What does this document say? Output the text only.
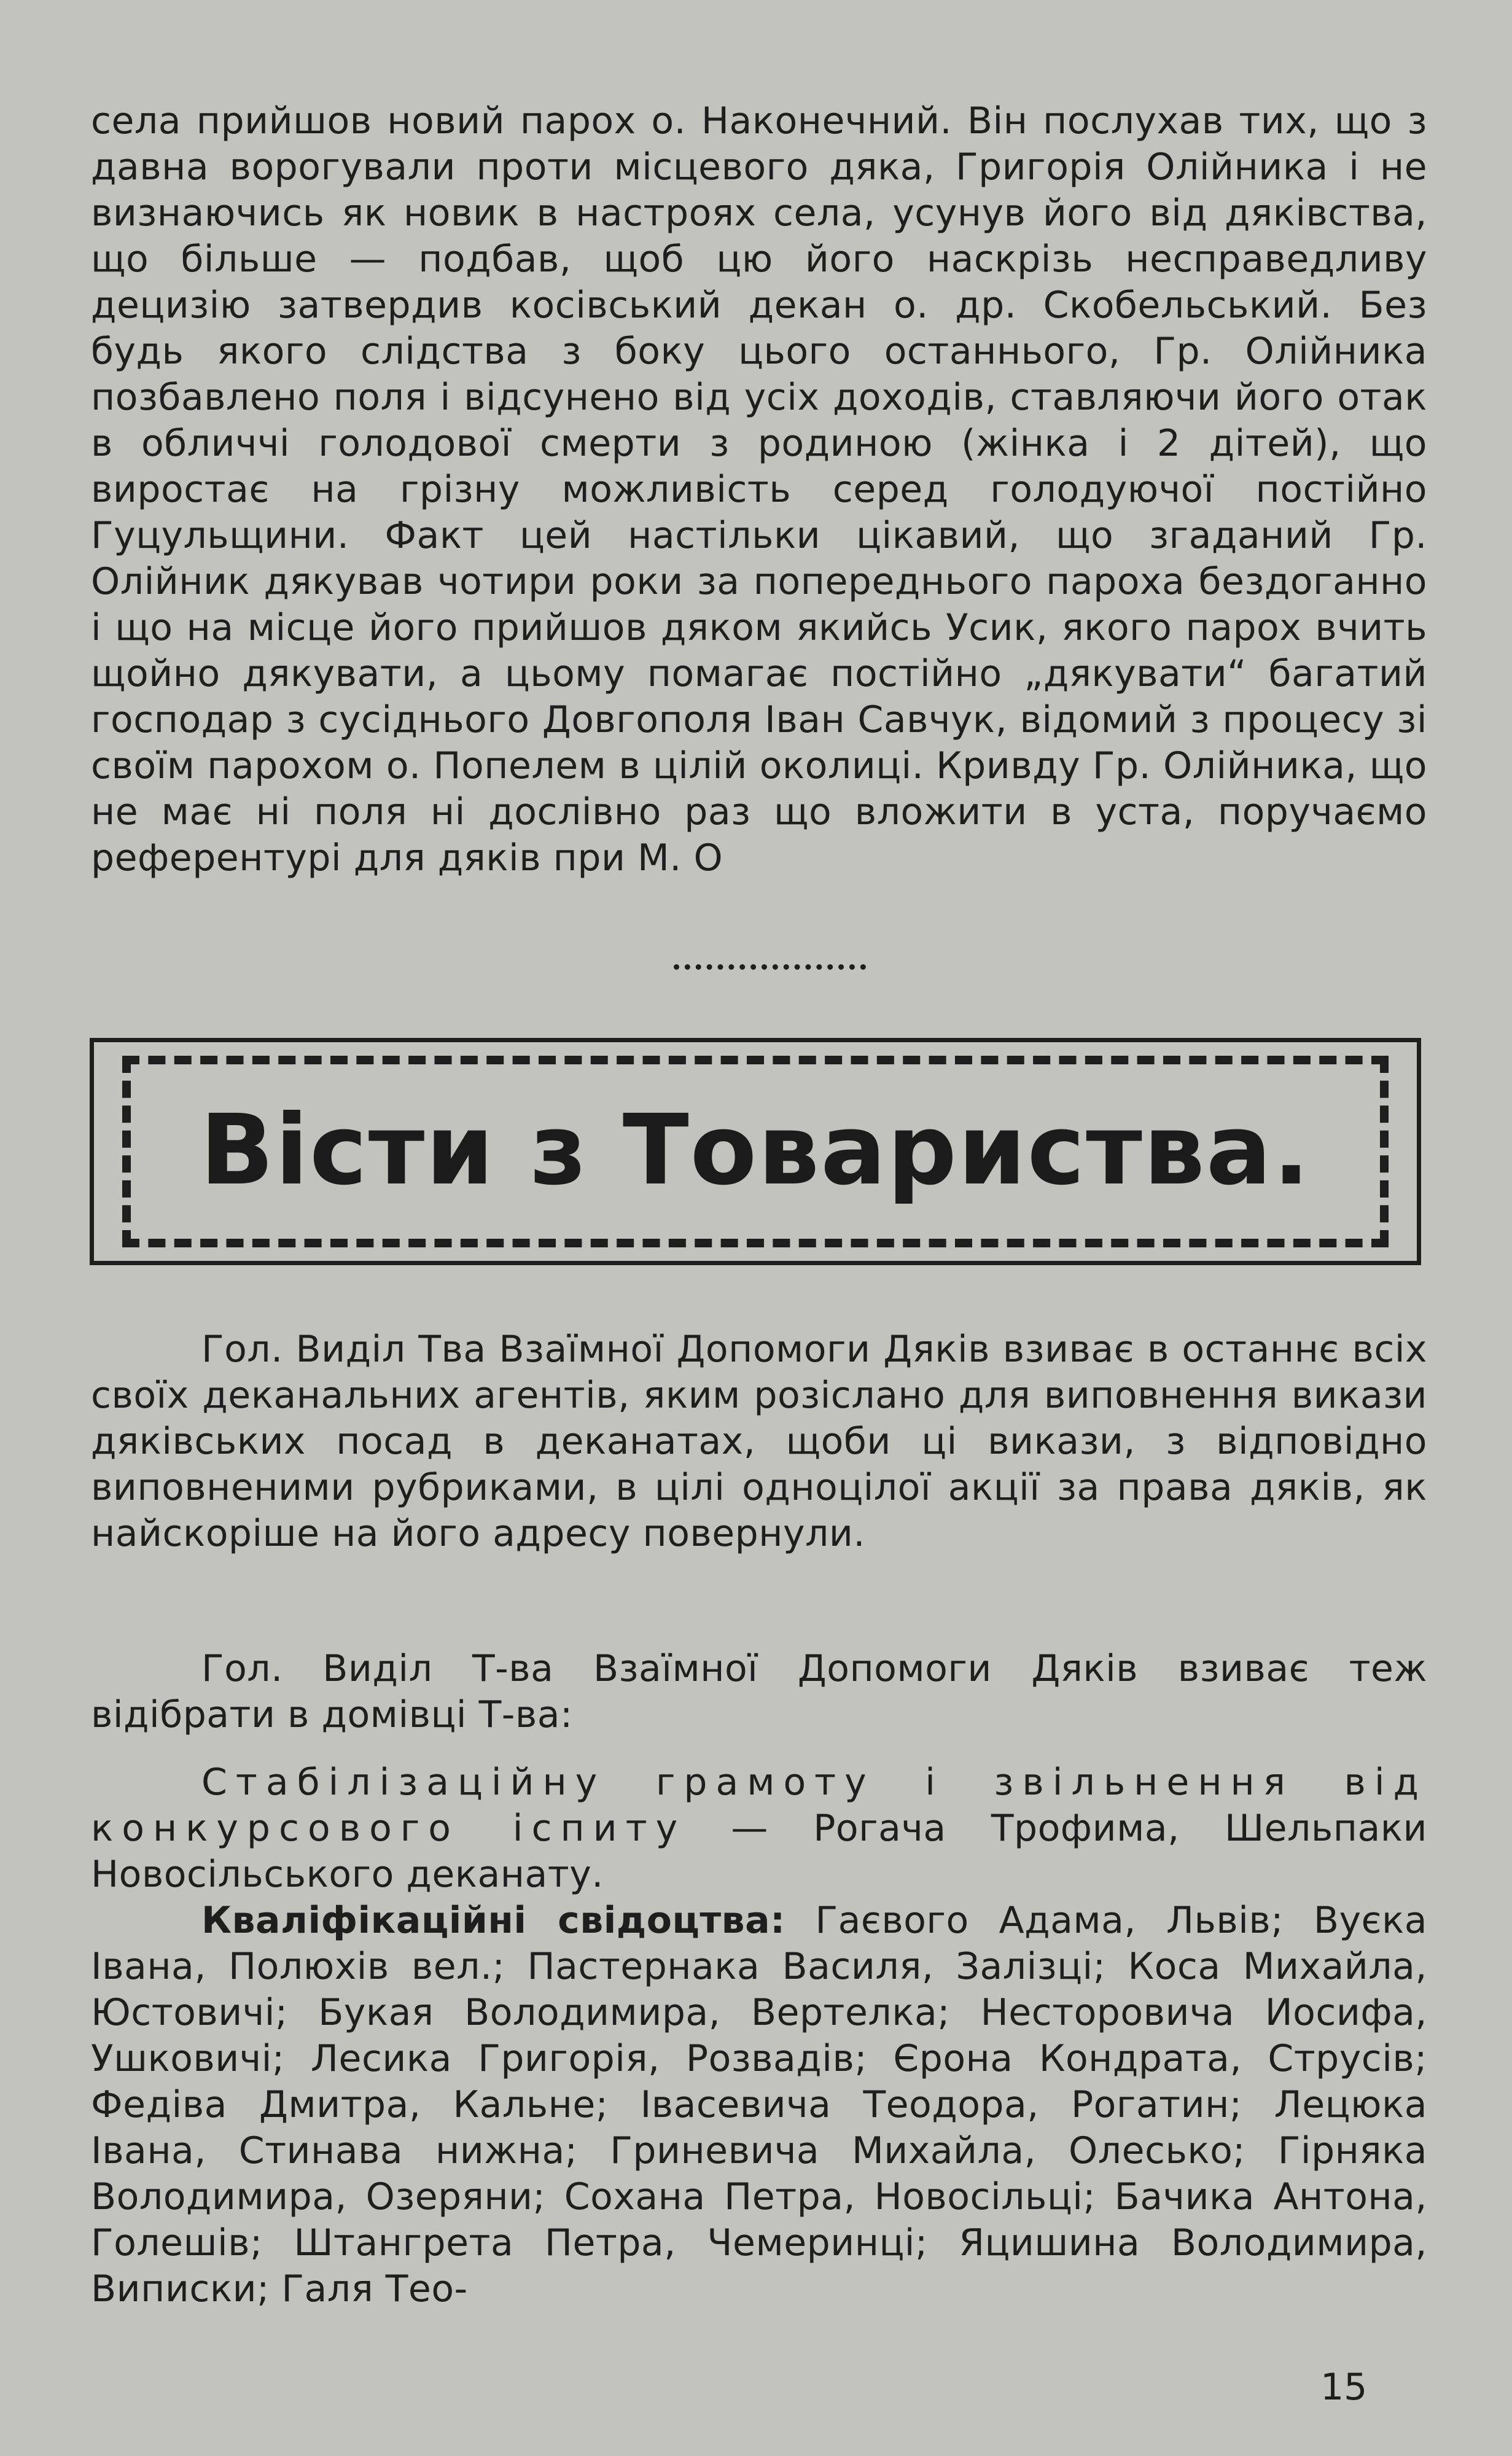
села прийшов новий парох о. Наконечний. Він послухав тих, що з давна ворогували проти місцевого дяка, Григорія Олійника і не визнаючись як новик в настроях села, усунув його від дяківства, що більше — подбав, щоб цю його наскрізь несправедливу децизію затвердив косівський декан о. др. Скобельський. Без будь якого слідства з боку цього останнього, Гр. Олійника позбавлено поля і відсунено від усіх доходів, ставляючи його отак в обличчі голодової смерти з родиною (жінка і 2 дітей), що виростає на грізну можливість серед голодуючої постійно Гуцульщини. Факт цей настільки цікавий, що згаданий Гр. Олійник дякував чотири роки за попереднього пароха бездоганно і що на місце його прийшов дяком якийсь Усик, якого парох вчить щойно дякувати, а цьому помагає постійно „дякувати“ багатий господар з сусіднього Довгополя Іван Савчук, відомий з процесу зі своїм парохом о. Попелем в цілій околиці. Кривду Гр. Олійника, що не має ні поля ні дослівно раз що вложити в уста, поручаємо референтурі для дяків при М. О

Вісти з Товариства.

Гол. Виділ Тва Взаїмної Допомоги Дяків взиває в останнє всіх своїх деканальних агентів, яким розіслано для виповнення викази дяківських посад в деканатах, щоби ці викази, з відповідно виповненими рубриками, в цілі одноцілої акції за права дяків, як найскоріше на його адресу повернули.

Гол. Виділ Т-ва Взаїмної Допомоги Дяків взиває теж відібрати в домівці Т-ва:

Стабілізаційну грамоту і звільнення від конкурсового іспиту — Рогача Трофима, Шельпаки Новосільського деканату.

Кваліфікаційні свідоцтва: Гаєвого Адама, Львів; Вуєка Івана, Полюхів вел.; Пастернака Василя, Залізці; Коса Михайла, Юстовичі; Букая Володимира, Вертелка; Несторовича Иосифа, Ушковичі; Лесика Григорія, Розвадів; Єрона Кондрата, Струсів; Федіва Дмитра, Кальне; Івасевича Теодора, Рогатин; Лецюка Івана, Стинава нижна; Гриневича Михайла, Олесько; Гірняка Володимира, Озеряни; Сохана Петра, Новосільці; Бачика Антона, Голешів; Штангрета Петра, Чемеринці; Яцишина Володимира, Виписки; Галя Тео-

15
